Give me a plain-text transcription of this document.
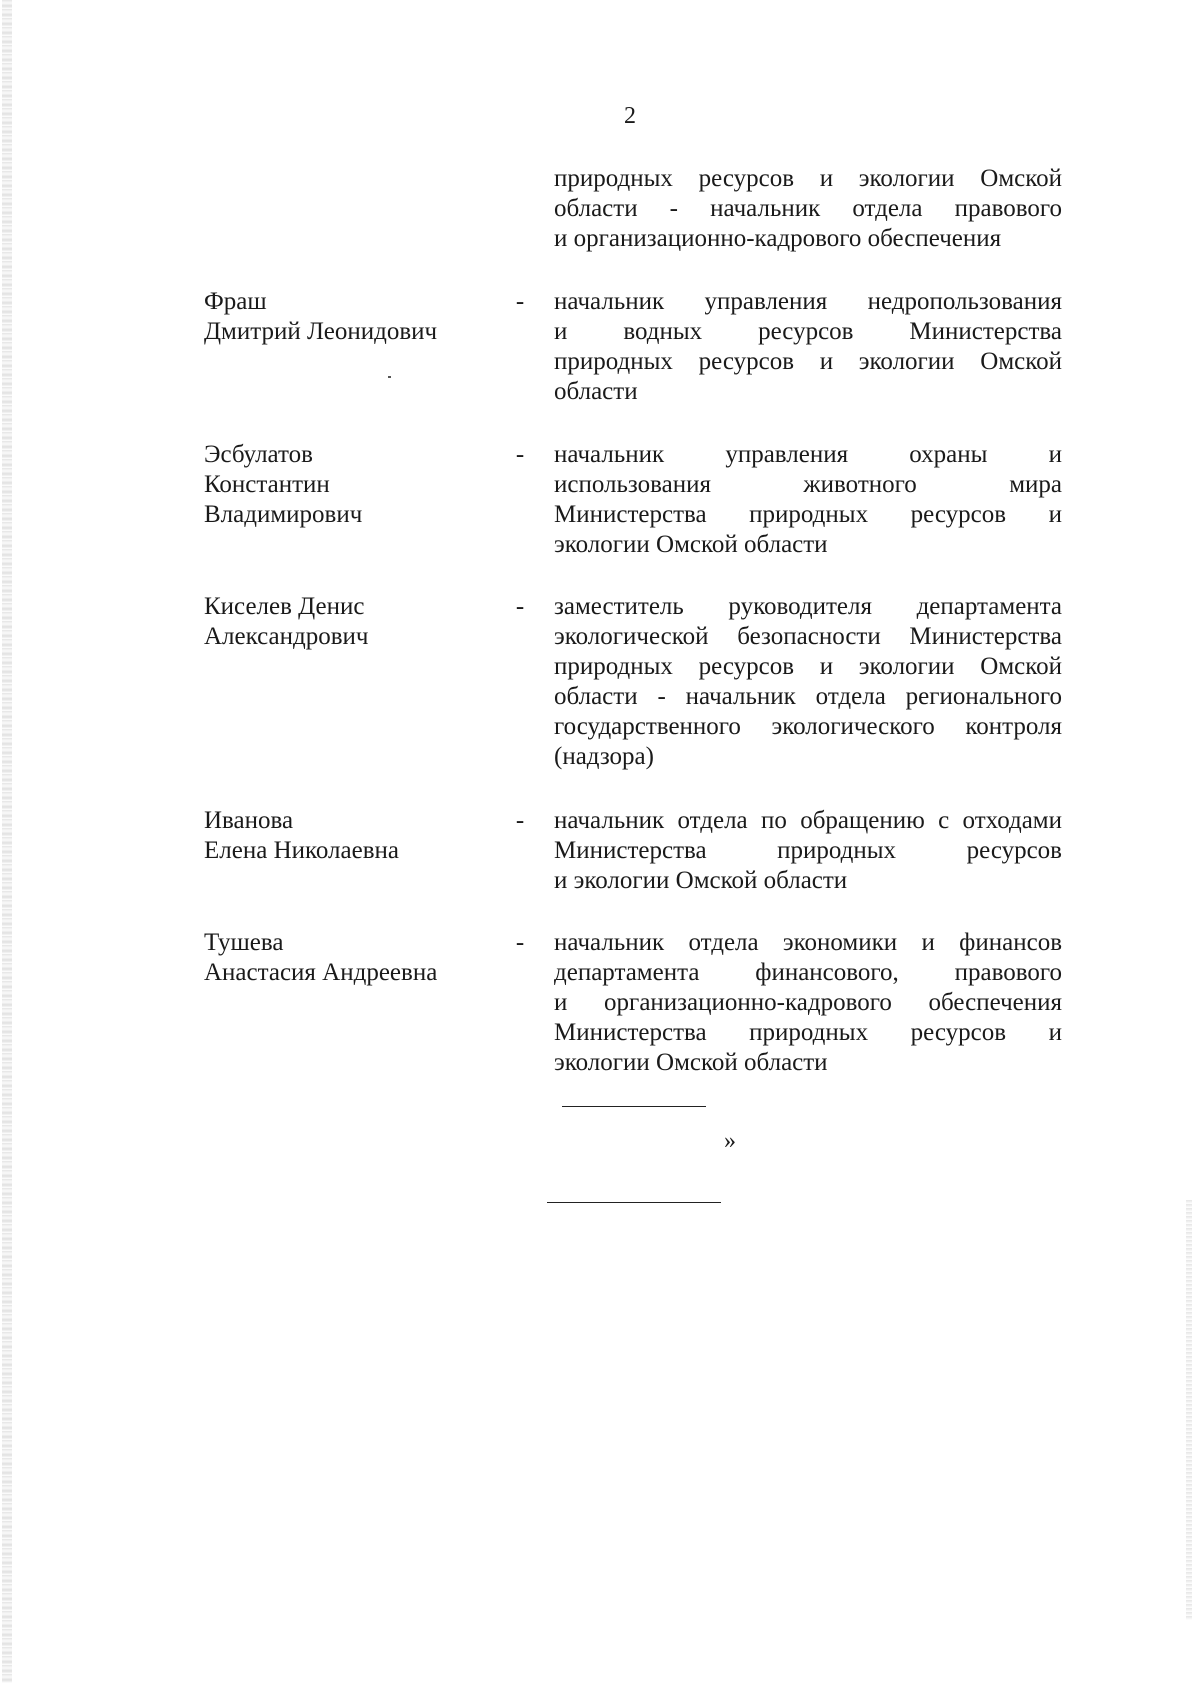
2
природных ресурсов и экологии Омской
области - начальник отдела правового
и организационно-кадрового обеспечения
Фраш
Дмитрий Леонидович
- начальник управления недропользования
и водных ресурсов Министерства
природных ресурсов и экологии Омской
области
Эсбулатов
Константин
Владимирович
- начальник управления охраны и
использования животного мира
Министерства природных ресурсов и
экологии Омской области
Киселев Денис
Александрович
- заместитель руководителя департамента
экологической безопасности Министерства
природных ресурсов и экологии Омской
области - начальник отдела регионального
государственного экологического контроля
(надзора)
Иванова
Елена Николаевна
- начальник отдела по обращению с отходами
Министерства природных ресурсов
и экологии Омской области
Тушева
Анастасия Андреевна
- начальник отдела экономики и финансов
департамента финансового, правового
и организационно-кадрового обеспечения
Министерства природных ресурсов и
экологии Омской области
»
